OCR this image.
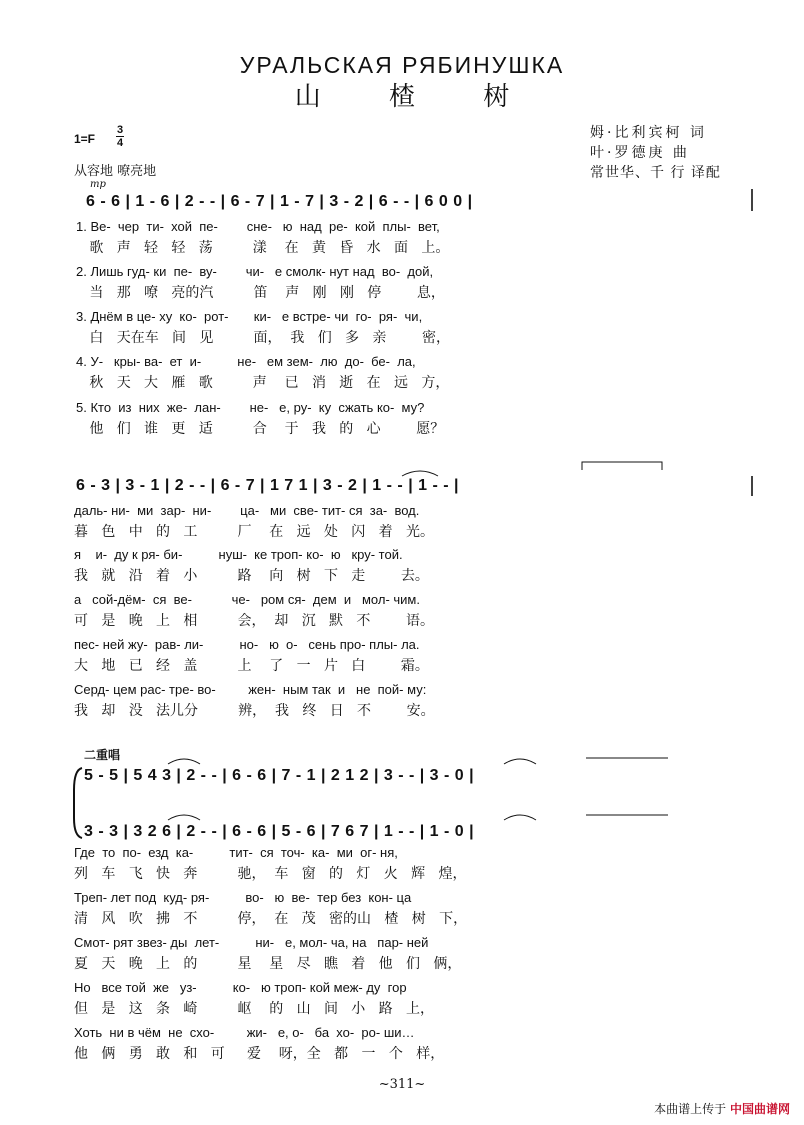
УРАЛЬСКАЯ РЯБИНУШКА
山 楂 树
姆·比利宾柯 词
叶·罗德庚 曲
常世华、千 行 译配
1=F
3
4
从容地 嘹亮地
mp
6 - 6 | 1 - 6 | 2 - - | 6 - 7 | 1 - 7 | 3 - 2 | 6 - - | 6 0 0 |
1. Ве-  чер  ти-  хой  пе-        сне-   ю  над  ре-  кой  плы-  вет,
歌   声   轻   轻   荡         漾    在   黄   昏   水   面   上。
2. Лишь гуд- ки  пе-  ву-        чи-   е смолк- нут над  во-  дой,
当   那   嘹   亮的汽         笛    声   刚   刚   停        息，
3. Днём в це- ху  ко-  рот-       ки-   е встре- чи  го-  ря-  чи,
白   天在车   间   见         面，  我   们   多   亲        密，
4. У-   кры- ва-  ет  и-          не-   ем зем-  лю  до-  бе-  ла,
秋   天   大   雁   歌         声    已   消   逝   在   远   方，
5. Кто  из  них  же-  лан-        не-   е, ру-  ку  сжать ко-  му?
他   们   谁   更   适         合    于   我   的   心        愿？
6 - 3 | 3 - 1 | 2 - - | 6 - 7 | 1 7 1 | 3 - 2 | 1 - - | 1 - - |
даль- ни-  ми  зар-  ни-        ца-   ми  све- тит- ся  за-  вод.
暮   色   中   的   工         厂    在   远   处   闪   着   光。
я    и-  ду к ря- би-          нуш-  ке троп- ко-  ю   кру- той.
我   就   沿   着   小         路    向   树   下   走        去。
а   сой-дём-  ся  ве-           че-   ром ся-  дем  и   мол- чим.
可   是   晚   上   相         会，  却   沉   默   不        语。
пес- ней жу-  рав- ли-          но-   ю  о-   сень про- плы- ла.
大   地   已   经   盖         上    了   一   片   白        霜。
Серд- цем рас- тре- во-         жен-  ным так  и   не  пой- му:
我   却   没   法儿分         辨，  我   终   日   不        安。
二重唱
5 - 5 | 5 4 3 | 2 - - | 6 - 6 | 7 - 1 | 2 1 2 | 3 - - | 3 - 0 |
3 - 3 | 3 2 6 | 2 - - | 6 - 6 | 5 - 6 | 7 6 7 | 1 - - | 1 - 0 |
Где  то  по-  езд  ка-          тит-  ся  точ-  ка-  ми  ог- ня,
列   车   飞   快   奔         驰，  车   窗   的   灯   火   辉   煌，
Треп- лет под  куд- ря-          во-   ю  ве-  тер без  кон- ца
清   风   吹   拂   不         停，  在   茂   密的山   楂   树   下，
Смот- рят звез- ды  лет-          ни-   е, мол- ча, на   пар- ней
夏   天   晚   上   的         星    星   尽   瞧   着   他   们   俩，
Но   все той  же   уз-          ко-   ю троп- кой меж- ду  гор
但   是   这   条   崎         岖    的   山   间   小   路   上，
Хоть  ни в чём  не  схо-         жи-   е, о-   ба  хо-  ро- ши…
他   俩   勇   敢   和   可     爱    呀，全   都   一   个   样，
~311~
本曲谱上传于 中国曲谱网
